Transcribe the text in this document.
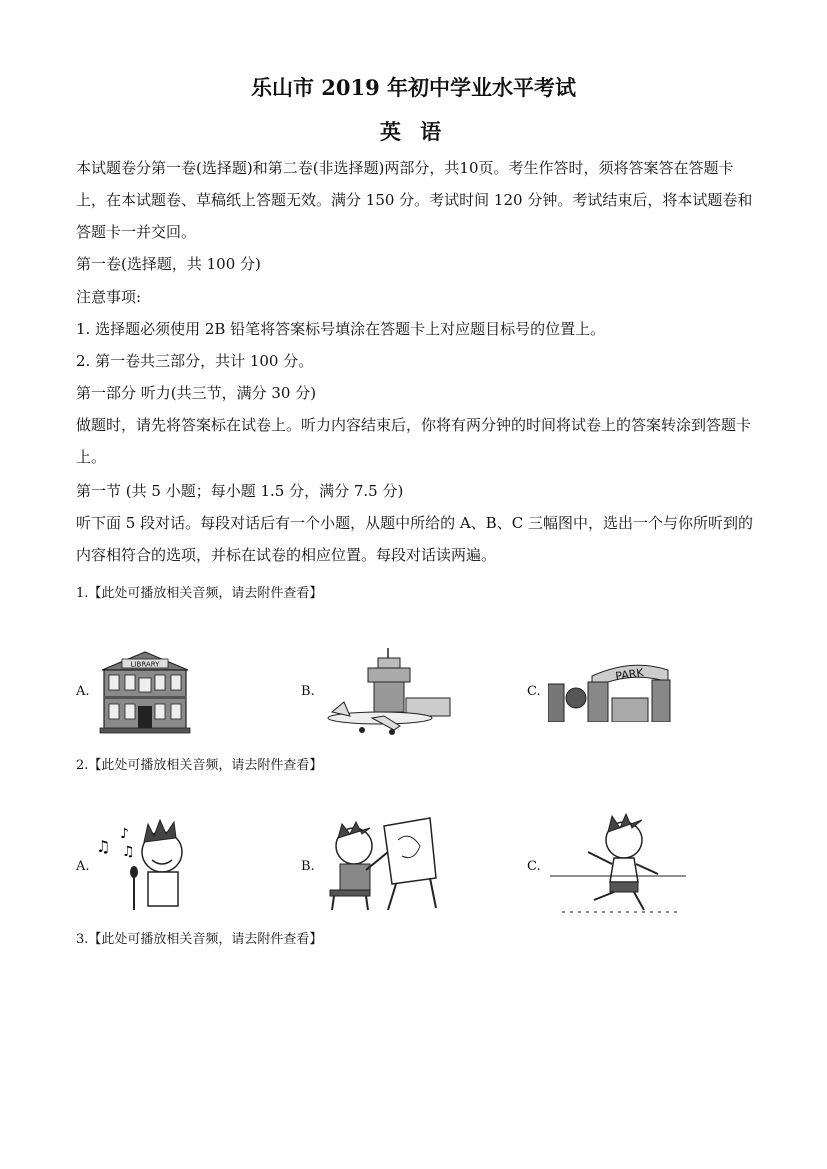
乐山市 2019 年初中学业水平考试
英 语

本试题卷分第一卷(选择题)和第二卷(非选择题)两部分，共10页。考生作答时，须将答案答在答题卡上，在本试题卷、草稿纸上答题无效。满分 150 分。考试时间 120 分钟。考试结束后，将本试题卷和答题卡一并交回。

第一卷(选择题，共 100 分)

注意事项:

1. 选择题必须使用 2B 铅笔将答案标号填涂在答题卡上对应题目标号的位置上。

2. 第一卷共三部分，共计 100 分。

第一部分 听力(共三节，满分 30 分)

做题时，请先将答案标在试卷上。听力内容结束后，你将有两分钟的时间将试卷上的答案转涂到答题卡上。

第一节 (共 5 小题；每小题 1.5 分，满分 7.5 分)

听下面 5 段对话。每段对话后有一个小题，从题中所给的 A、B、C 三幅图中，选出一个与你所听到的内容相符合的选项，并标在试卷的相应位置。每段对话读两遍。

1.【此处可播放相关音频，请去附件查看】
A.
LIBRARY
B.	C.
PARK
2.【此处可播放相关音频，请去附件查看】
A.
♫
♪
♫
B.	C.
3.【此处可播放相关音频，请去附件查看】
